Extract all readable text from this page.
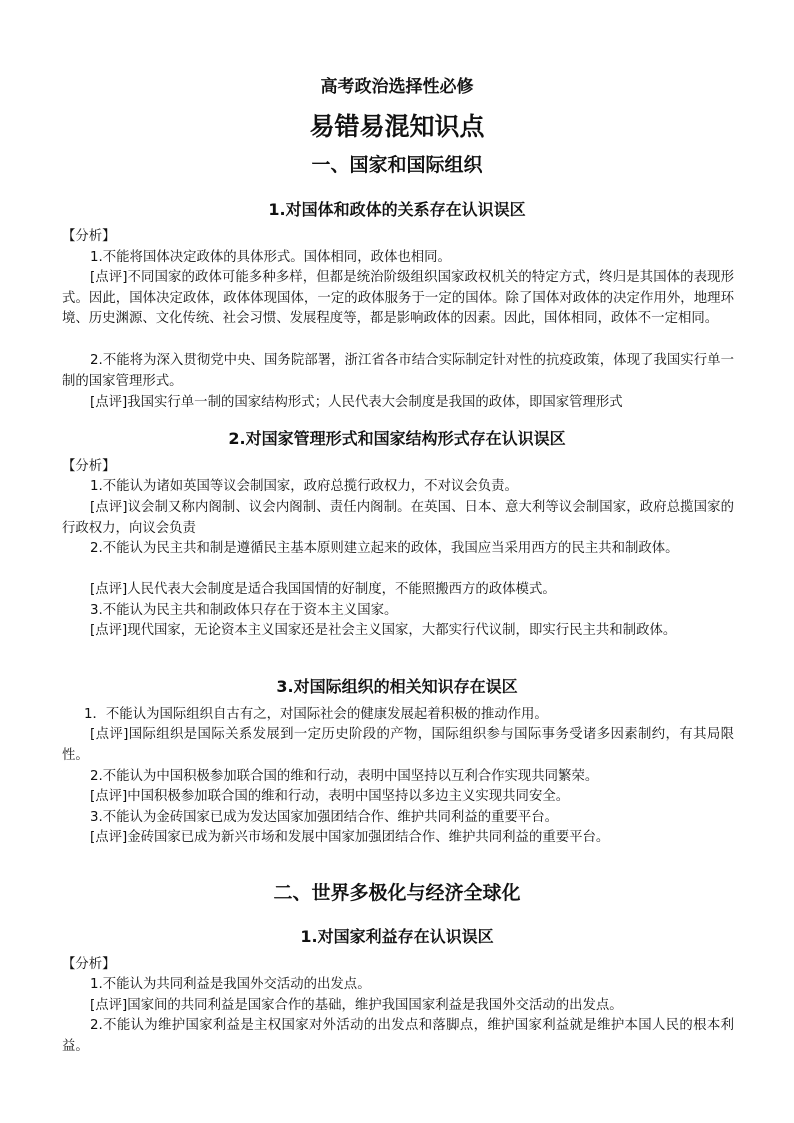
高考政治选择性必修
易错易混知识点
一、国家和国际组织
1.对国体和政体的关系存在认识误区
【分析】
1.不能将国体决定政体的具体形式。国体相同，政体也相同。
[点评]不同国家的政体可能多种多样，但都是统治阶级组织国家政权机关的特定方式，终归是其国体的表现形式。因此，国体决定政体，政体体现国体，一定的政体服务于一定的国体。除了国体对政体的决定作用外，地理环境、历史渊源、文化传统、社会习惯、发展程度等，都是影响政体的因素。因此，国体相同，政体不一定相同。
2.不能将为深入贯彻党中央、国务院部署，浙江省各市结合实际制定针对性的抗疫政策，体现了我国实行单一制的国家管理形式。
[点评]我国实行单一制的国家结构形式；人民代表大会制度是我国的政体，即国家管理形式
2.对国家管理形式和国家结构形式存在认识误区
【分析】
1.不能认为诸如英国等议会制国家，政府总揽行政权力，不对议会负责。
[点评]议会制又称内阁制、议会内阁制、责任内阁制。在英国、日本、意大利等议会制国家，政府总揽国家的行政权力，向议会负责
2.不能认为民主共和制是遵循民主基本原则建立起来的政体，我国应当采用西方的民主共和制政体。
[点评]人民代表大会制度是适合我国国情的好制度，不能照搬西方的政体模式。
3.不能认为民主共和制政体只存在于资本主义国家。
[点评]现代国家，无论资本主义国家还是社会主义国家，大都实行代议制，即实行民主共和制政体。
3.对国际组织的相关知识存在误区
1．不能认为国际组织自古有之，对国际社会的健康发展起着积极的推动作用。
[点评]国际组织是国际关系发展到一定历史阶段的产物，国际组织参与国际事务受诸多因素制约，有其局限性。
2.不能认为中国积极参加联合国的维和行动，表明中国坚持以互利合作实现共同繁荣。
[点评]中国积极参加联合国的维和行动，表明中国坚持以多边主义实现共同安全。
3.不能认为金砖国家已成为发达国家加强团结合作、维护共同利益的重要平台。
[点评]金砖国家已成为新兴市场和发展中国家加强团结合作、维护共同利益的重要平台。
二、世界多极化与经济全球化
1.对国家利益存在认识误区
【分析】
1.不能认为共同利益是我国外交活动的出发点。
[点评]国家间的共同利益是国家合作的基础，维护我国国家利益是我国外交活动的出发点。
2.不能认为维护国家利益是主权国家对外活动的出发点和落脚点，维护国家利益就是维护本国人民的根本利益。
